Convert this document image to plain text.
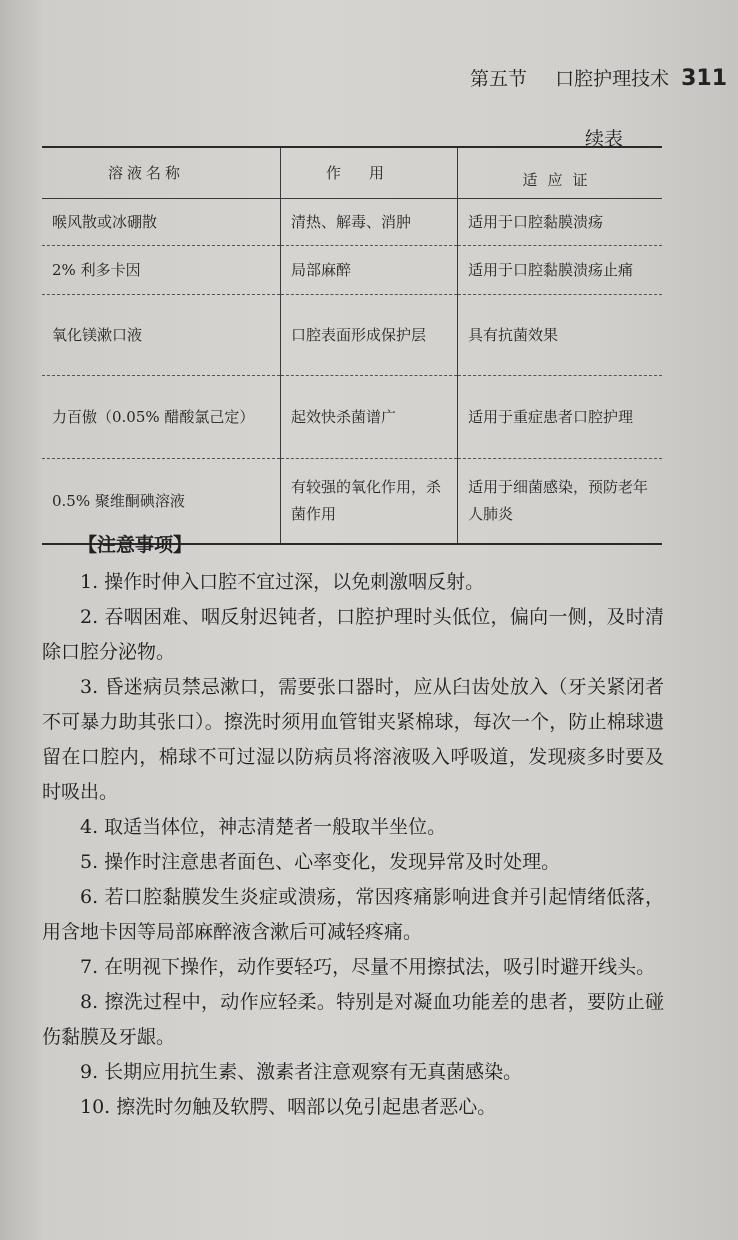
第五节 口腔护理技术 311
续表
溶液名称	作用	适应证
喉风散或冰硼散	清热、解毒、消肿	适用于口腔黏膜溃疡
2% 利多卡因	局部麻醉	适用于口腔黏膜溃疡止痛
氧化镁漱口液	口腔表面形成保护层	具有抗菌效果
力百傲（0.05% 醋酸氯己定）	起效快杀菌谱广	适用于重症患者口腔护理
0.5% 聚维酮碘溶液	有较强的氧化作用，杀菌作用	适用于细菌感染，预防老年人肺炎
【注意事项】

1. 操作时伸入口腔不宜过深，以免刺激咽反射。

2. 吞咽困难、咽反射迟钝者，口腔护理时头低位，偏向一侧，及时清除口腔分泌物。

3. 昏迷病员禁忌漱口，需要张口器时，应从臼齿处放入（牙关紧闭者不可暴力助其张口）。擦洗时须用血管钳夹紧棉球，每次一个，防止棉球遗留在口腔内，棉球不可过湿以防病员将溶液吸入呼吸道，发现痰多时要及时吸出。

4. 取适当体位，神志清楚者一般取半坐位。

5. 操作时注意患者面色、心率变化，发现异常及时处理。

6. 若口腔黏膜发生炎症或溃疡，常因疼痛影响进食并引起情绪低落，用含地卡因等局部麻醉液含漱后可减轻疼痛。

7. 在明视下操作，动作要轻巧，尽量不用擦拭法，吸引时避开线头。

8. 擦洗过程中，动作应轻柔。特别是对凝血功能差的患者，要防止碰伤黏膜及牙龈。

9. 长期应用抗生素、激素者注意观察有无真菌感染。

10. 擦洗时勿触及软腭、咽部以免引起患者恶心。
